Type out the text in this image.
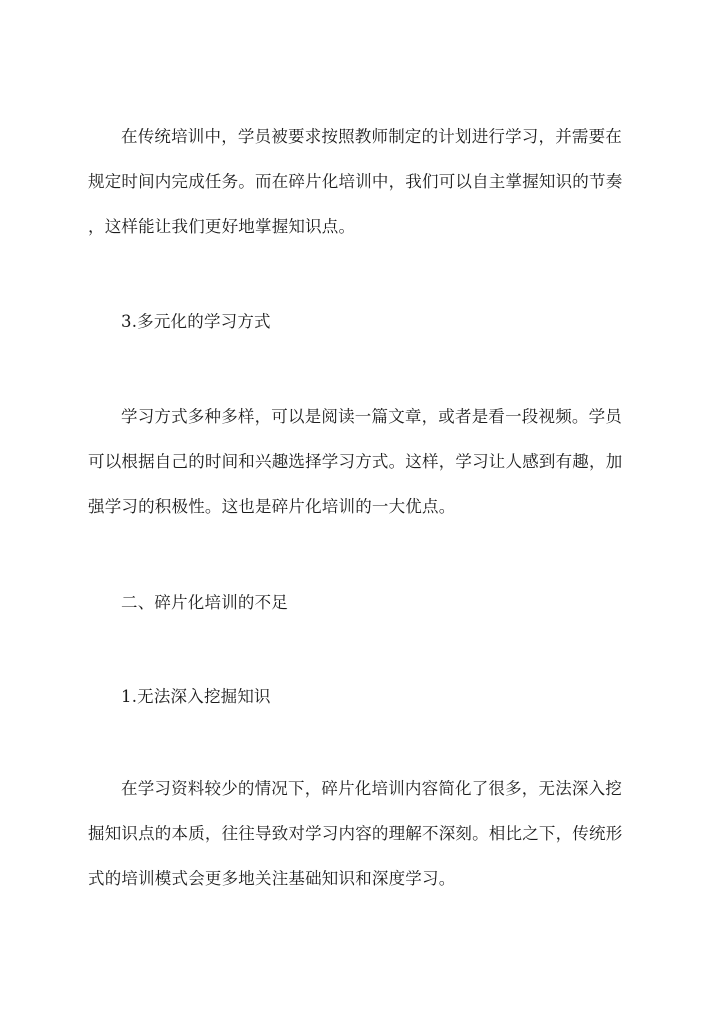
在传统培训中，学员被要求按照教师制定的计划进行学习，并需要在
规定时间内完成任务。而在碎片化培训中，我们可以自主掌握知识的节奏
，这样能让我们更好地掌握知识点。
3.多元化的学习方式
学习方式多种多样，可以是阅读一篇文章，或者是看一段视频。学员
可以根据自己的时间和兴趣选择学习方式。这样，学习让人感到有趣，加
强学习的积极性。这也是碎片化培训的一大优点。
二、碎片化培训的不足
1.无法深入挖掘知识
在学习资料较少的情况下，碎片化培训内容简化了很多，无法深入挖
掘知识点的本质，往往导致对学习内容的理解不深刻。相比之下，传统形
式的培训模式会更多地关注基础知识和深度学习。
